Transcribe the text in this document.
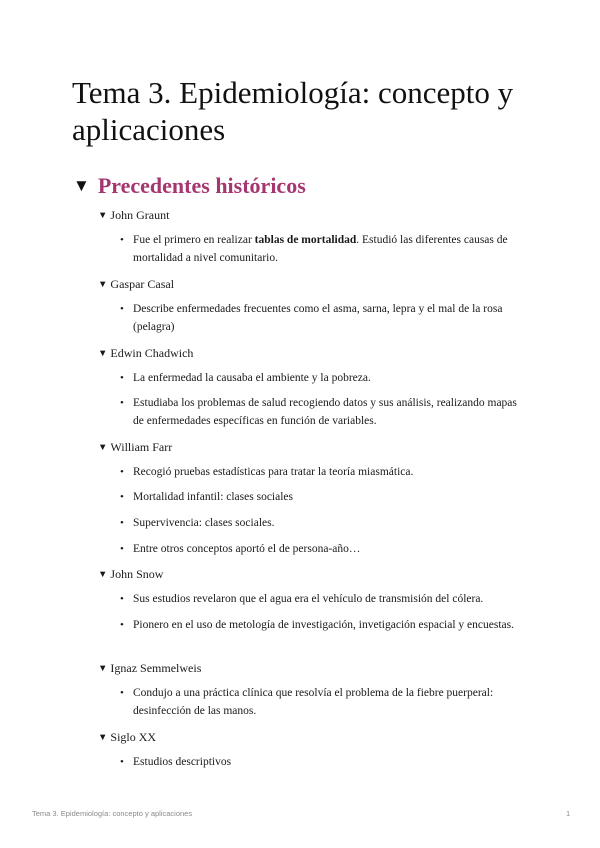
Tema 3. Epidemiología: concepto y aplicaciones
▼ Precedentes históricos
▼ John Graunt
• Fue el primero en realizar tablas de mortalidad. Estudió las diferentes causas de mortalidad a nivel comunitario.
▼ Gaspar Casal
• Describe enfermedades frecuentes como el asma, sarna, lepra y el mal de la rosa (pelagra)
▼ Edwin Chadwich
• La enfermedad la causaba el ambiente y la pobreza.
• Estudiaba los problemas de salud recogiendo datos y sus análisis, realizando mapas de enfermedades específicas en función de variables.
▼ William Farr
• Recogió pruebas estadísticas para tratar la teoría miasmática.
• Mortalidad infantil: clases sociales
• Supervivencia: clases sociales.
• Entre otros conceptos aportó el de persona-año…
▼ John Snow
• Sus estudios revelaron que el agua era el vehículo de transmisión del cólera.
• Pionero en el uso de metología de investigación, invetigación espacial y encuestas.
▼ Ignaz Semmelweis
• Condujo a una práctica clínica que resolvía el problema de la fiebre puerperal: desinfección de las manos.
▼ Siglo XX
• Estudios descriptivos
Tema 3. Epidemiología: concepto y aplicaciones	1
